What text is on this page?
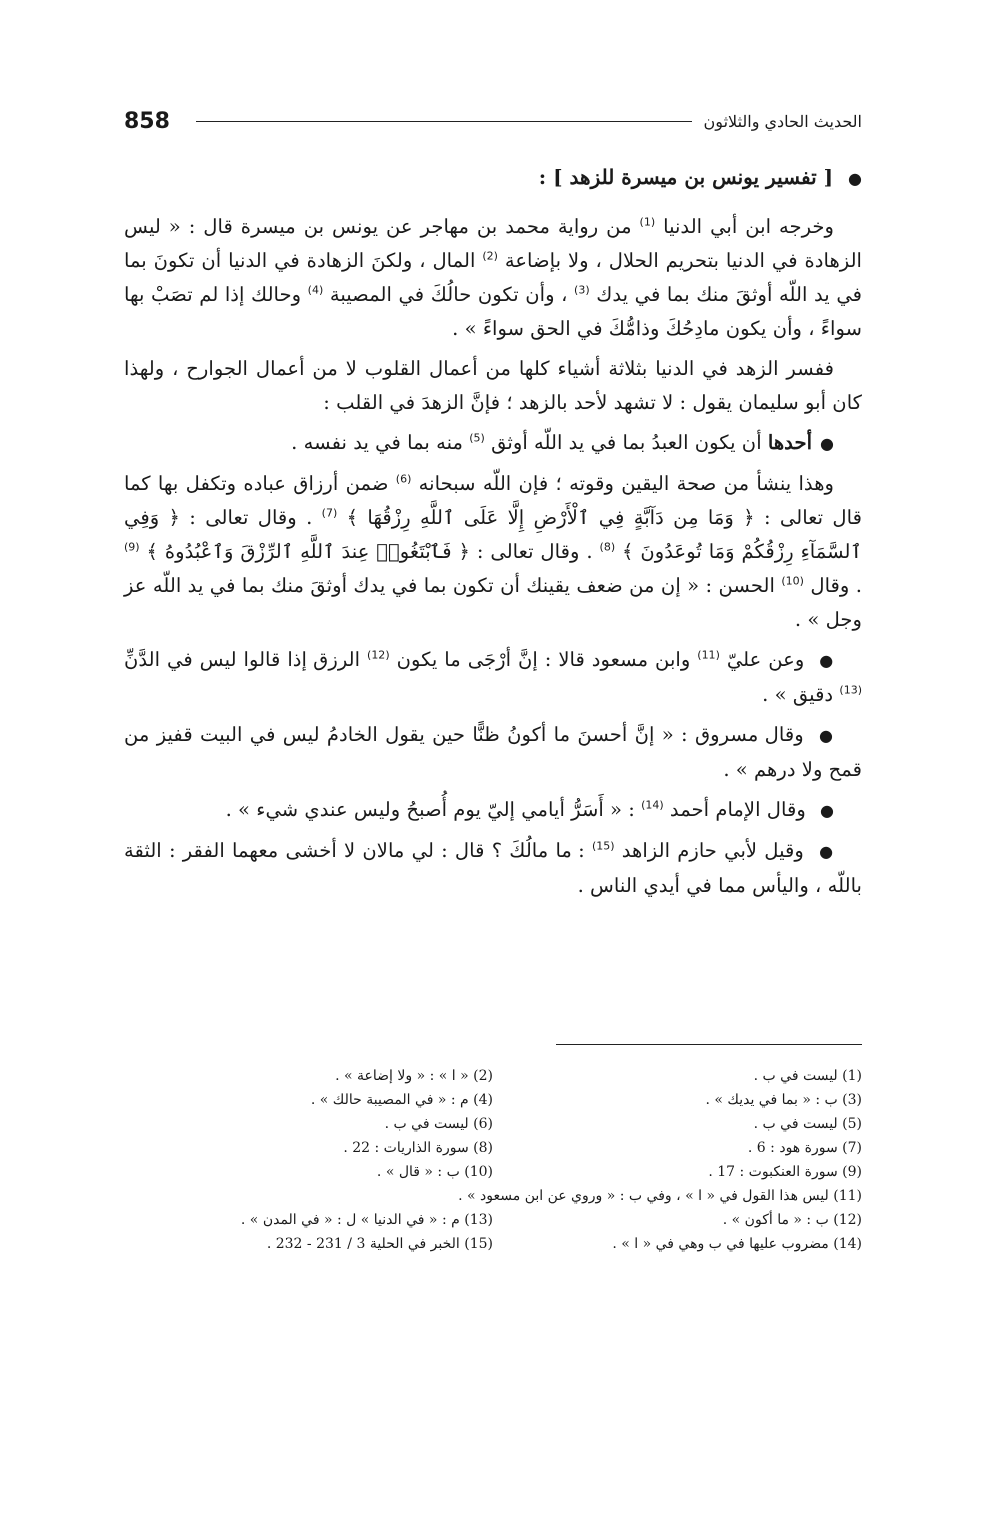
858	الحديث الحادي والثلاثون
● [ تفسير يونس بن ميسرة للزهد ] :

وخرجه ابن أبي الدنيا $^{(1)}$ من رواية محمد بن مهاجر عن يونس بن ميسرة قال : « ليس الزهادة في الدنيا بتحريم الحلال ، ولا بإضاعة $^{(2)}$ المال ، ولكنَ الزهادة في الدنيا أن تكونَ بما في يد اللّه أوثقَ منك بما في يدك $^{(3)}$ ، وأن تكون حالُكَ في المصيبة $^{(4)}$ وحالك إذا لم تصَبْ بها سواءً ، وأن يكون مادِحُكَ وذامُّكَ في الحق سواءً » .

ففسر الزهد في الدنيا بثلاثة أشياء كلها من أعمال القلوب لا من أعمال الجوارح ، ولهذا كان أبو سليمان يقول : لا تشهد لأحد بالزهد ؛ فإنَّ الزهدَ في القلب :

●أحدها أن يكون العبدُ بما في يد اللّه أوثق $^{(5)}$ منه بما في يد نفسه .

وهذا ينشأ من صحة اليقين وقوته ؛ فإن اللّه سبحانه $^{(6)}$ ضمن أرزاق عباده وتكفل بها كما قال تعالى : ﴿ وَمَا مِن دَآبَّةٍ فِي ٱلْأَرْضِ إِلَّا عَلَى ٱللَّهِ رِزْقُهَا ﴾ $^{(7)}$ . وقال تعالى : ﴿ وَفِي ٱلسَّمَآءِ رِزْقُكُمْ وَمَا تُوعَدُونَ ﴾ $^{(8)}$ . وقال تعالى : ﴿ فَٱبْتَغُوا۟ عِندَ ٱللَّهِ ٱلرِّزْقَ وَٱعْبُدُوهُ ﴾ $^{(9)}$ . وقال $^{(10)}$ الحسن : « إن من ضعف يقينك أن تكون بما في يدك أوثقَ منك بما في يد اللّه عز وجل » .

● وعن عليّ $^{(11)}$ وابن مسعود قالا : إنَّ أرْجَى ما يكون $^{(12)}$ الرزق إذا قالوا ليس في الدَّنِّ $^{(13)}$ دقيق » .

● وقال مسروق : « إنَّ أحسنَ ما أكونُ ظنًّا حين يقول الخادمُ ليس في البيت قفيز من قمح ولا درهم » .

● وقال الإمام أحمد $^{(14)}$ : « أَسَرُّ أيامي إليّ يوم أُصبحُ وليس عندي شيء » .

● وقيل لأبي حازم الزاهد $^{(15)}$ : ما مالُكَ ؟ قال : لي مالان لا أخشى معهما الفقر : الثقة باللّه ، واليأس مما في أيدي الناس .

(1) ليست في ب .
(2) « ا » : « ولا إضاعة » .
(3) ب : « بما في يديك » .
(4) م : « في المصيبة حالك » .
(5) ليست في ب .
(6) ليست في ب .
(7) سورة هود : 6 .
(8) سورة الذاريات : 22 .
(9) سورة العنكبوت : 17 .
(10) ب : « قال » .
(11) ليس هذا القول في « ا » ، وفي ب : « وروي عن ابن مسعود » .
(12) ب : « ما أكون » .
(13) م : « في الدنيا » ل : « في المدن » .
(14) مضروب عليها في ب وهي في « ا » .
(15) الخبر في الحلية 3 / 231 - 232 .
